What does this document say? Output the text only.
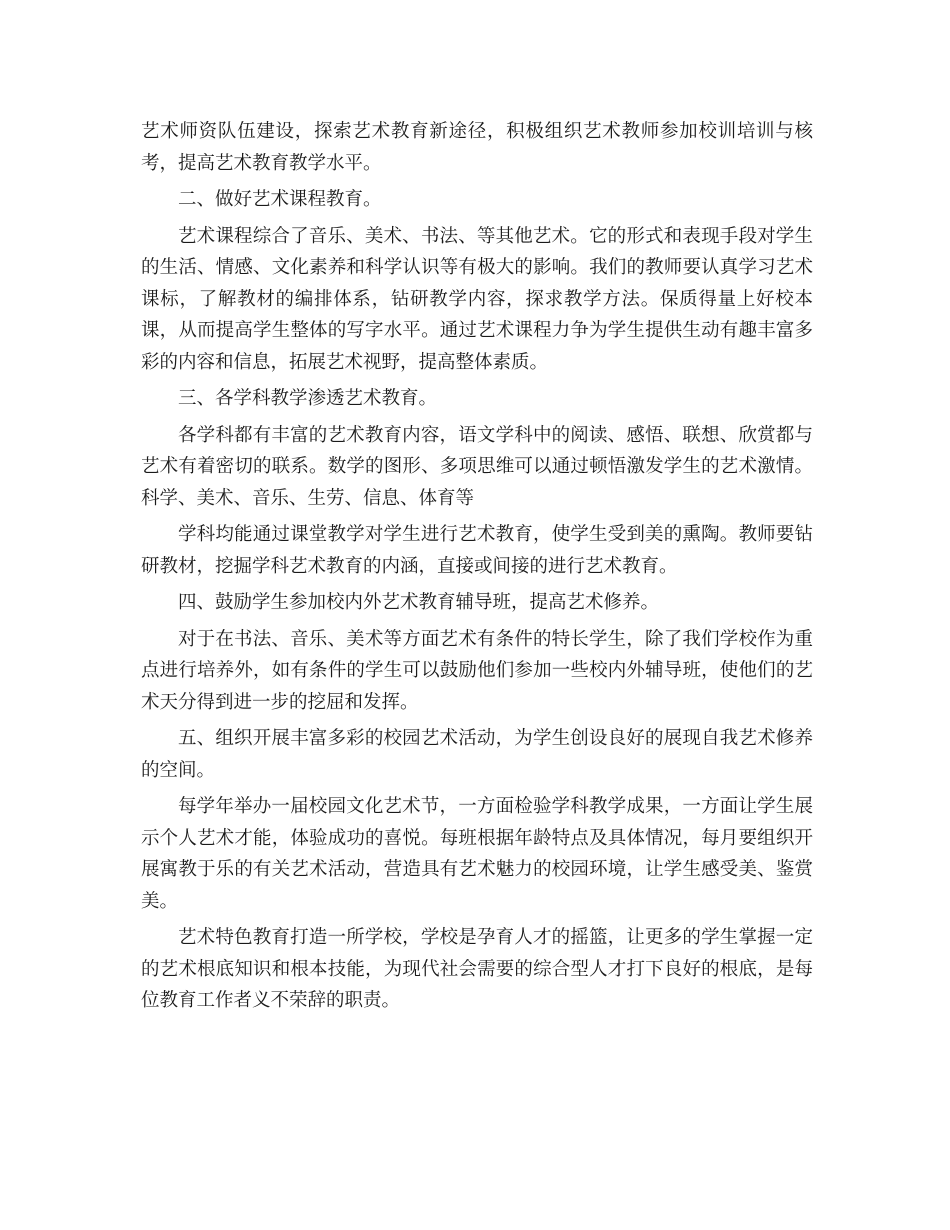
艺术师资队伍建设，探索艺术教育新途径，积极组织艺术教师参加校训培训与核考，提高艺术教育教学水平。

二、做好艺术课程教育。

艺术课程综合了音乐、美术、书法、等其他艺术。它的形式和表现手段对学生的生活、情感、文化素养和科学认识等有极大的影响。我们的教师要认真学习艺术课标，了解教材的编排体系，钻研教学内容，探求教学方法。保质得量上好校本课，从而提高学生整体的写字水平。通过艺术课程力争为学生提供生动有趣丰富多彩的内容和信息，拓展艺术视野，提高整体素质。

三、各学科教学渗透艺术教育。

各学科都有丰富的艺术教育内容，语文学科中的阅读、感悟、联想、欣赏都与艺术有着密切的联系。数学的图形、多项思维可以通过顿悟激发学生的艺术激情。科学、美术、音乐、生劳、信息、体育等

学科均能通过课堂教学对学生进行艺术教育，使学生受到美的熏陶。教师要钻研教材，挖掘学科艺术教育的内涵，直接或间接的进行艺术教育。

四、鼓励学生参加校内外艺术教育辅导班，提高艺术修养。

对于在书法、音乐、美术等方面艺术有条件的特长学生，除了我们学校作为重点进行培养外，如有条件的学生可以鼓励他们参加一些校内外辅导班，使他们的艺术天分得到进一步的挖屈和发挥。

五、组织开展丰富多彩的校园艺术活动，为学生创设良好的展现自我艺术修养的空间。

每学年举办一届校园文化艺术节，一方面检验学科教学成果，一方面让学生展示个人艺术才能，体验成功的喜悦。每班根据年龄特点及具体情况，每月要组织开展寓教于乐的有关艺术活动，营造具有艺术魅力的校园环境，让学生感受美、鉴赏美。

艺术特色教育打造一所学校，学校是孕育人才的摇篮，让更多的学生掌握一定的艺术根底知识和根本技能，为现代社会需要的综合型人才打下良好的根底，是每位教育工作者义不荣辞的职责。
